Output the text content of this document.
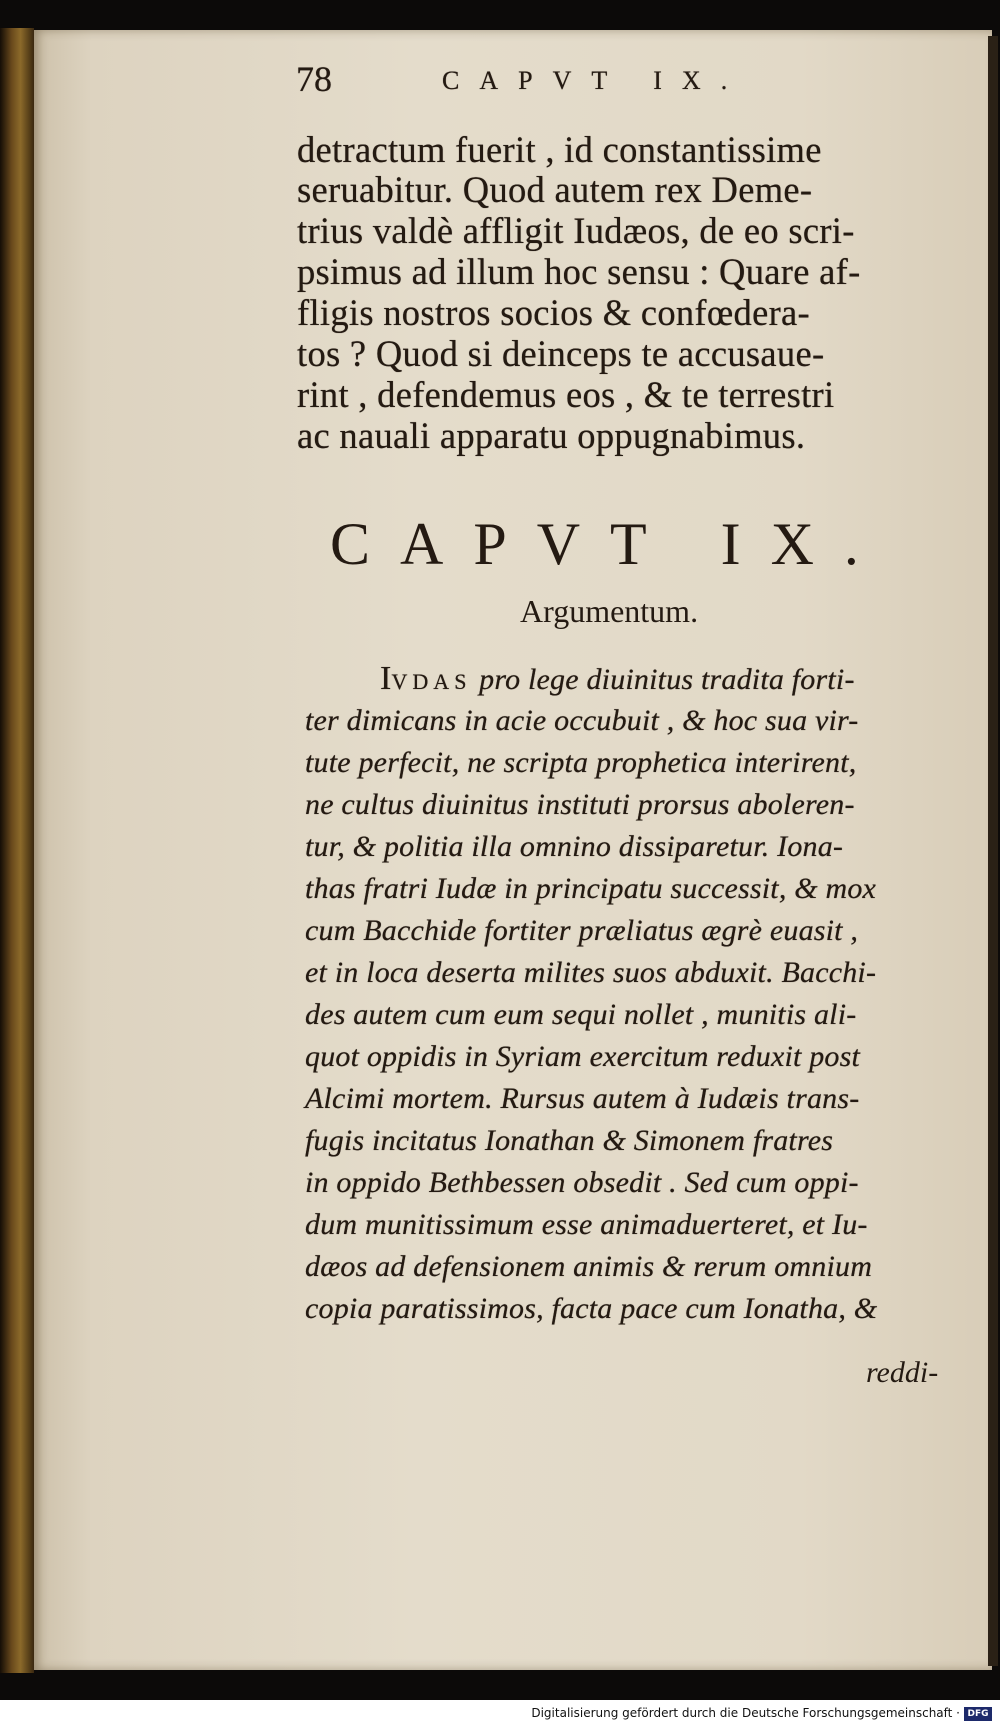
78	CAPVT IX.
detractum fuerit , id constantissime
seruabitur. Quod autem rex Deme-
trius valdè affligit Iudæos, de eo scri-
psimus ad illum hoc sensu : Quare af-
fligis nostros socios & confœdera-
tos ? Quod si deinceps te accusaue-
rint , defendemus eos , & te terrestri
ac nauali apparatu oppugnabimus.
CAPVT IX.
Argumentum.
IVDAS pro lege diuinitus tradita forti-
ter dimicans in acie occubuit , & hoc sua vir-
tute perfecit, ne scripta prophetica interirent,
ne cultus diuinitus instituti prorsus aboleren-
tur, & politia illa omnino dissiparetur. Iona-
thas fratri Iudæ in principatu successit, & mox
cum Bacchide fortiter præliatus ægrè euasit ,
et in loca deserta milites suos abduxit. Bacchi-
des autem cum eum sequi nollet , munitis ali-
quot oppidis in Syriam exercitum reduxit post
Alcimi mortem. Rursus autem à Iudæis trans-
fugis incitatus Ionathan & Simonem fratres
in oppido Bethbessen obsedit . Sed cum oppi-
dum munitissimum esse animaduerteret, et Iu-
dæos ad defensionem animis & rerum omnium
copia paratissimos, facta pace cum Ionatha, &
reddi-
Digitalisierung gefördert durch die Deutsche Forschungsgemeinschaft · DFG
